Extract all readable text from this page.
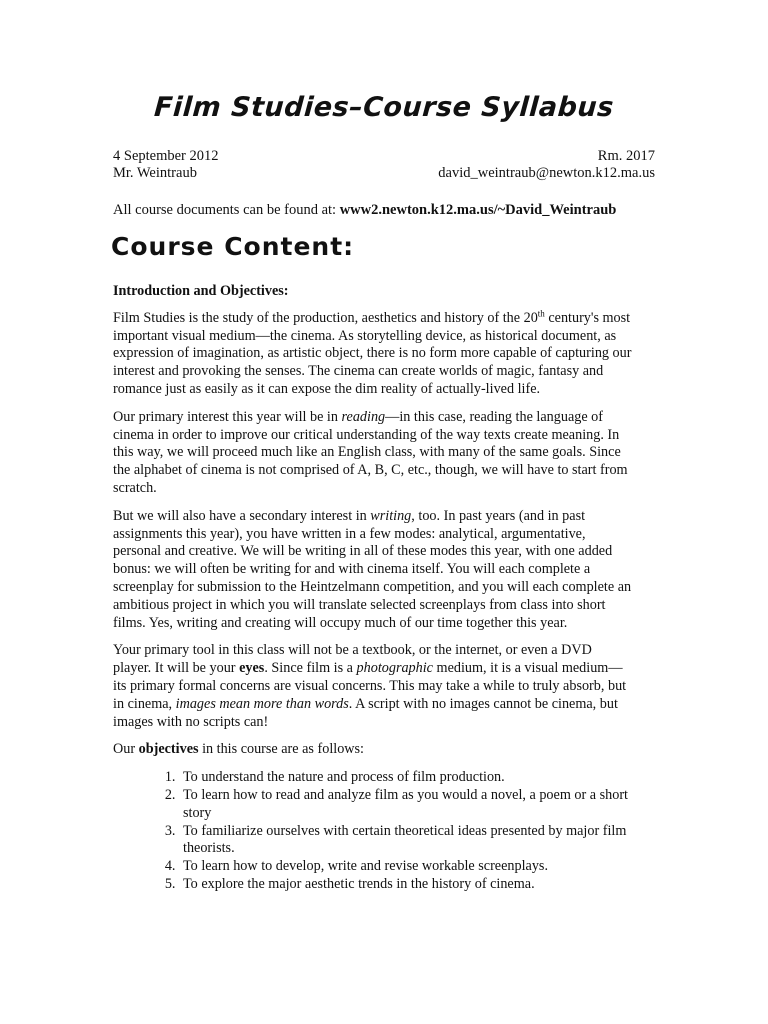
Film Studies–Course Syllabus
4 September 2012	Rm. 2017
Mr. Weintraub	david_weintraub@newton.k12.ma.us
All course documents can be found at: www2.newton.k12.ma.us/~David_Weintraub
Course Content:

Introduction and Objectives:

Film Studies is the study of the production, aesthetics and history of the 20th century's most important visual medium—the cinema. As storytelling device, as historical document, as expression of imagination, as artistic object, there is no form more capable of capturing our interest and provoking the senses. The cinema can create worlds of magic, fantasy and romance just as easily as it can expose the dim reality of actually-lived life.

Our primary interest this year will be in reading—in this case, reading the language of cinema in order to improve our critical understanding of the way texts create meaning. In this way, we will proceed much like an English class, with many of the same goals. Since the alphabet of cinema is not comprised of A, B, C, etc., though, we will have to start from scratch.

But we will also have a secondary interest in writing, too. In past years (and in past assignments this year), you have written in a few modes: analytical, argumentative, personal and creative. We will be writing in all of these modes this year, with one added bonus: we will often be writing for and with cinema itself. You will each complete a screenplay for submission to the Heintzelmann competition, and you will each complete an ambitious project in which you will translate selected screenplays from class into short films. Yes, writing and creating will occupy much of our time together this year.

Your primary tool in this class will not be a textbook, or the internet, or even a DVD player. It will be your eyes. Since film is a photographic medium, it is a visual medium—its primary formal concerns are visual concerns. This may take a while to truly absorb, but in cinema, images mean more than words. A script with no images cannot be cinema, but images with no scripts can!

Our objectives in this course are as follows:

1. To understand the nature and process of film production.
2. To learn how to read and analyze film as you would a novel, a poem or a short story
3. To familiarize ourselves with certain theoretical ideas presented by major film theorists.
4. To learn how to develop, write and revise workable screenplays.
5. To explore the major aesthetic trends in the history of cinema.
